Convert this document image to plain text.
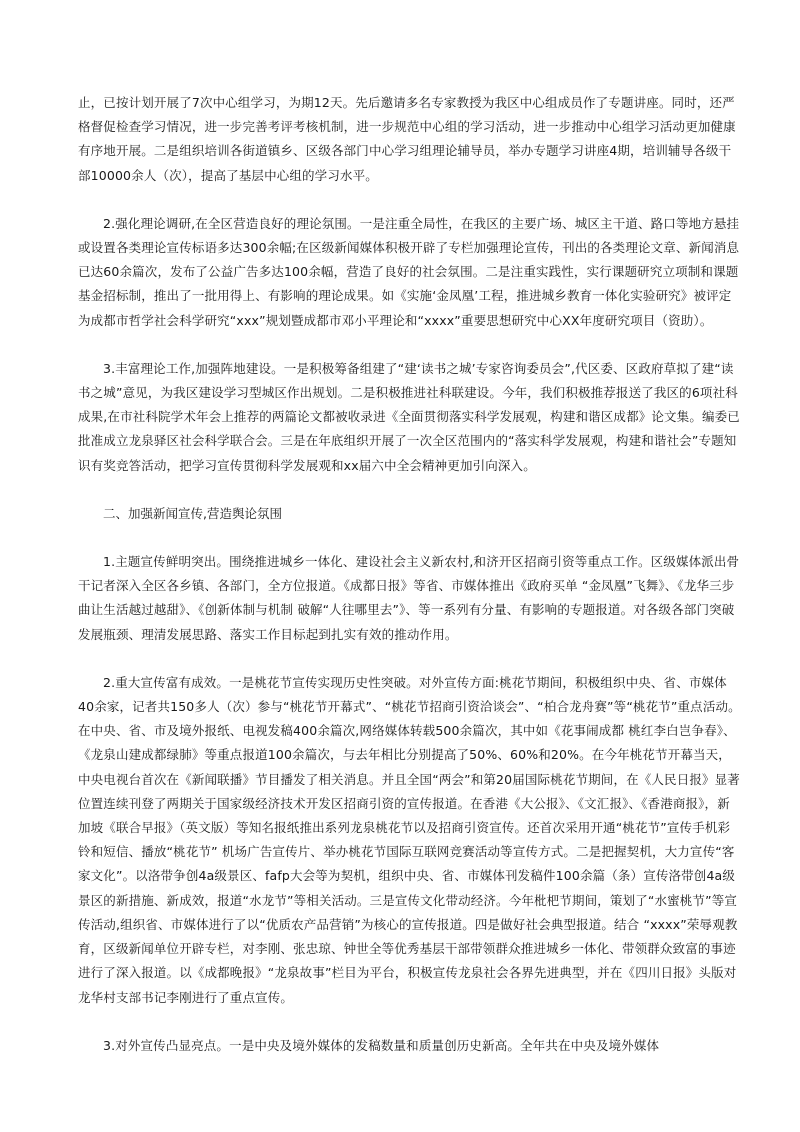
止，已按计划开展了7次中心组学习，为期12天。先后邀请多名专家教授为我区中心组成员作了专题讲座。同时，还严格督促检查学习情况，进一步完善考评考核机制，进一步规范中心组的学习活动，进一步推动中心组学习活动更加健康有序地开展。二是组织培训各街道镇乡、区级各部门中心学习组理论辅导员，举办专题学习讲座4期，培训辅导各级干部10000余人（次），提高了基层中心组的学习水平。

2.强化理论调研,在全区营造良好的理论氛围。一是注重全局性，在我区的主要广场、城区主干道、路口等地方悬挂或设置各类理论宣传标语多达300余幅;在区级新闻媒体积极开辟了专栏加强理论宣传，刊出的各类理论文章、新闻消息已达60余篇次，发布了公益广告多达100余幅，营造了良好的社会氛围。二是注重实践性，实行课题研究立项制和课题基金招标制，推出了一批用得上、有影响的理论成果。如《实施‘金凤凰’工程，推进城乡教育一体化实验研究》被评定为成都市哲学社会科学研究“xxx”规划暨成都市邓小平理论和“xxxx”重要思想研究中心XX年度研究项目（资助）。

3.丰富理论工作,加强阵地建设。一是积极筹备组建了“建‘读书之城’专家咨询委员会”,代区委、区政府草拟了建“读书之城”意见，为我区建设学习型城区作出规划。二是积极推进社科联建设。今年，我们积极推荐报送了我区的6项社科成果,在市社科院学术年会上推荐的两篇论文都被收录进《全面贯彻落实科学发展观，构建和谐区成都》论文集。编委已批准成立龙泉驿区社会科学联合会。三是在年底组织开展了一次全区范围内的“落实科学发展观，构建和谐社会”专题知识有奖竞答活动，把学习宣传贯彻科学发展观和xx届六中全会精神更加引向深入。

二、加强新闻宣传,营造舆论氛围

1.主题宣传鲜明突出。围绕推进城乡一体化、建设社会主义新农村,和济开区招商引资等重点工作。区级媒体派出骨干记者深入全区各乡镇、各部门，全方位报道。《成都日报》等省、市媒体推出《政府买单 “金凤凰”飞舞》、《龙华三步曲让生活越过越甜》、《创新体制与机制 破解“人往哪里去”》、等一系列有分量、有影响的专题报道。对各级各部门突破发展瓶颈、理清发展思路、落实工作目标起到扎实有效的推动作用。

2.重大宣传富有成效。一是桃花节宣传实现历史性突破。对外宣传方面:桃花节期间，积极组织中央、省、市媒体40余家，记者共150多人（次）参与“桃花节开幕式”、“桃花节招商引资洽谈会”、“柏合龙舟赛”等“桃花节”重点活动。在中央、省、市及境外报纸、电视发稿400余篇次,网络媒体转载500余篇次，其中如《花事闹成都 桃红李白岂争春》、《龙泉山建成都绿肺》等重点报道100余篇次，与去年相比分别提高了50%、60%和20%。在今年桃花节开幕当天，中央电视台首次在《新闻联播》节目播发了相关消息。并且全国“两会”和第20届国际桃花节期间，在《人民日报》显著位置连续刊登了两期关于国家级经济技术开发区招商引资的宣传报道。在香港《大公报》、《文汇报》、《香港商报》，新加坡《联合早报》（英文版）等知名报纸推出系列龙泉桃花节以及招商引资宣传。还首次采用开通“桃花节”宣传手机彩铃和短信、播放“桃花节” 机场广告宣传片、举办桃花节国际互联网竞赛活动等宣传方式。二是把握契机，大力宣传“客家文化”。以洛带争创4a级景区、fafp大会等为契机，组织中央、省、市媒体刊发稿件100余篇（条）宣传洛带创4a级景区的新措施、新成效，报道“水龙节”等相关活动。三是宣传文化带动经济。今年枇杷节期间，策划了“水蜜桃节”等宣传活动,组织省、市媒体进行了以“优质农产品营销”为核心的宣传报道。四是做好社会典型报道。结合 “xxxx”荣辱观教育，区级新闻单位开辟专栏，对李刚、张忠琼、钟世全等优秀基层干部带领群众推进城乡一体化、带领群众致富的事迹进行了深入报道。以《成都晚报》“龙泉故事”栏目为平台，积极宣传龙泉社会各界先进典型，并在《四川日报》头版对龙华村支部书记李刚进行了重点宣传。

3.对外宣传凸显亮点。一是中央及境外媒体的发稿数量和质量创历史新高。全年共在中央及境外媒体
